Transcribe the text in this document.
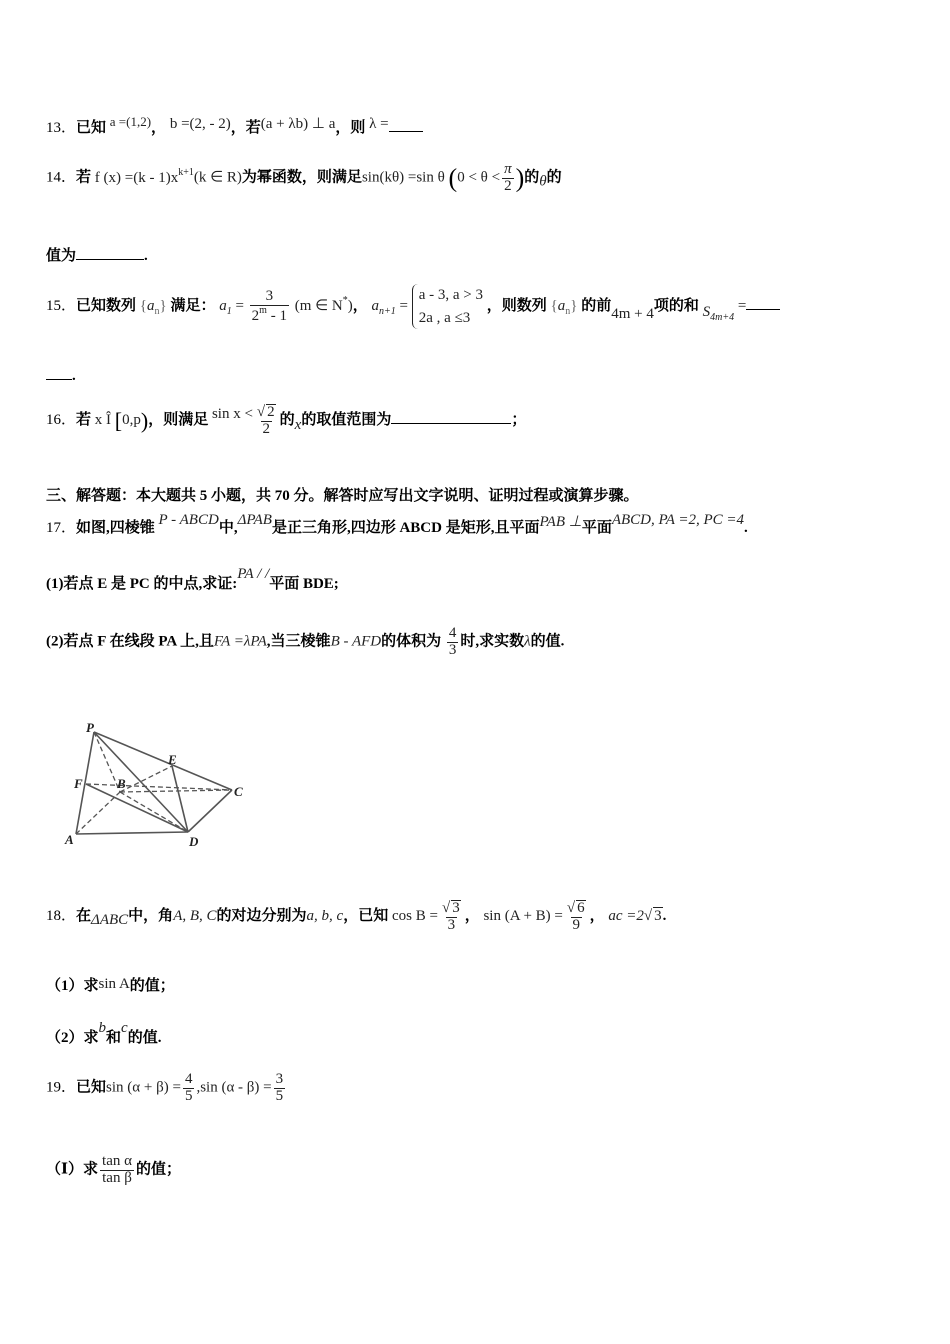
13．已知 a =(1,2)， b =(2, - 2)，若(a + λb) ⊥ a，则 λ =
14．若 f $(x) =(k - 1)x^{k+1}(k$ ∈ R)为幂函数，则满足sin(kθ) =sin θ ($0 < \theta < \frac{\pi}{2}$ )的θ的
值为	.
15．已知数列 $\{a_n\}$ 满足： $a_1 = \frac{3}{2^m - 1} (m$ ∈ N*)， $a_{n+1}$ =
a - 3, a > 3
2a , a ≤3
，则数列 $\{a_n\}$ 的前4m + 4项的和 $S_{4m+4}$ =
.
16．若 x Î [0,p)，则满足 $\sin x < \frac{√ 2}{2}$ 的x的取值范围为	；
三、解答题：本大题共 5 小题，共 70 分。解答时应写出文字说明、证明过程或演算步骤。
17．如图,四棱锥 P - ABCD中,ΔPAB是正三角形,四边形 ABCD 是矩形,且平面PAB ⊥平面ABCD, PA =2, PC =4.
(1)若点 E 是 PC 的中点,求证:PA / /平面 BDE;
(2)若点 F 在线段 PA 上,且FA =λPA,当三棱锥B - AFD的体积为 $\frac{4}{3}$ 时,求实数λ的值.
P
E
F	B
C
A	D
18．在ΔABC中，角A, B, C的对边分别为a, b, c，已知 $\cos B = \frac{√ 3}{3}$ ， $\sin (A + B) = \frac{√ 6}{9}$ ， ac =2√ 3.
（1）求sin A的值；
（2）求b和c的值.
19．已知$\sin (\alpha + \beta) = \frac{4}{5} ,\sin$ $(\alpha - \beta) = \frac{3}{5}$
（Ⅰ）求 $\frac{\text{tan α}}{\text{tan β}}$ 的值；
